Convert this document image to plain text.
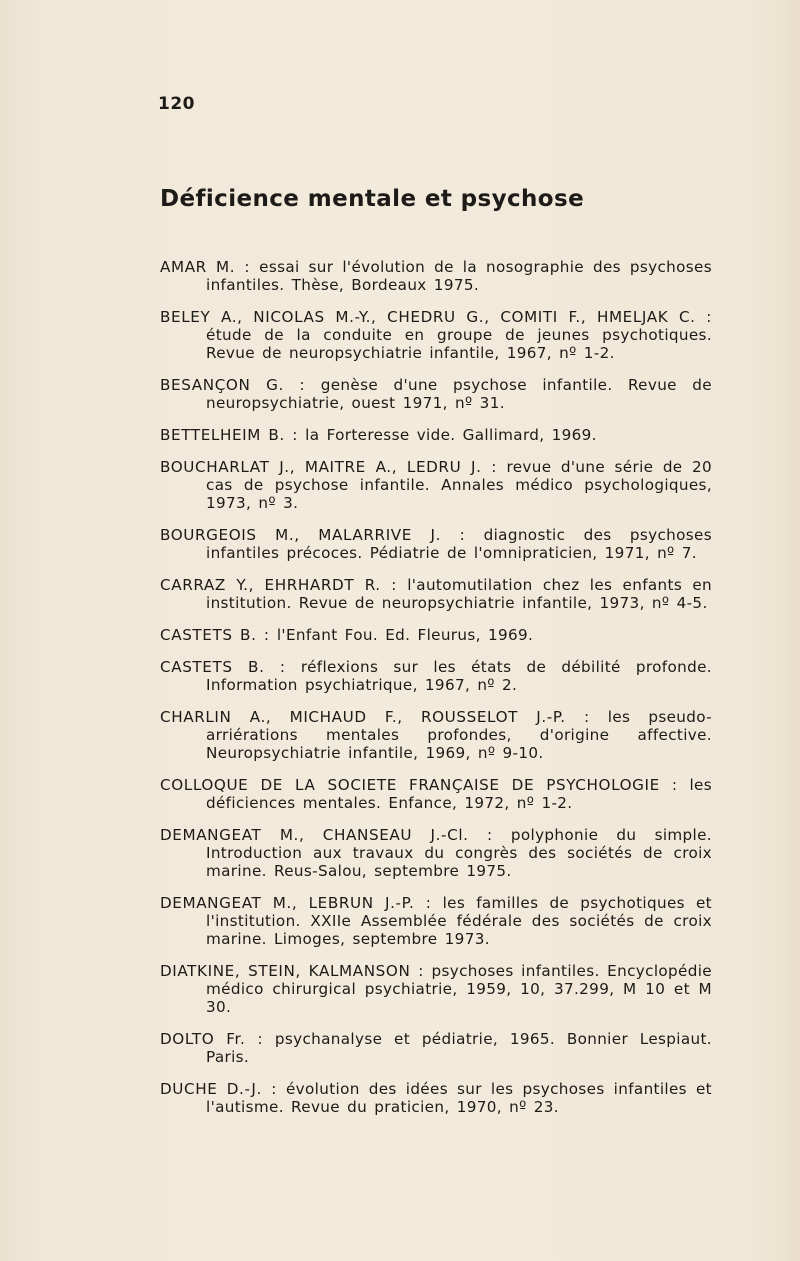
120
Déficience mentale et psychose
AMAR M. : essai sur l'évolution de la nosographie des psychoses infantiles. Thèse, Bordeaux 1975.
BELEY A., NICOLAS M.-Y., CHEDRU G., COMITI F., HMELJAK C. : étude de la conduite en groupe de jeunes psychotiques. Revue de neuropsychiatrie infantile, 1967, nº 1-2.
BESANÇON G. : genèse d'une psychose infantile. Revue de neuropsychiatrie, ouest 1971, nº 31.
BETTELHEIM B. : la Forteresse vide. Gallimard, 1969.
BOUCHARLAT J., MAITRE A., LEDRU J. : revue d'une série de 20 cas de psychose infantile. Annales médico psychologiques, 1973, nº 3.
BOURGEOIS M., MALARRIVE J. : diagnostic des psychoses infantiles précoces. Pédiatrie de l'omnipraticien, 1971, nº 7.
CARRAZ Y., EHRHARDT R. : l'automutilation chez les enfants en institution. Revue de neuropsychiatrie infantile, 1973, nº 4-5.
CASTETS B. : l'Enfant Fou. Ed. Fleurus, 1969.
CASTETS B. : réflexions sur les états de débilité profonde. Information psychiatrique, 1967, nº 2.
CHARLIN A., MICHAUD F., ROUSSELOT J.-P. : les pseudo-arriérations mentales profondes, d'origine affective. Neuropsychiatrie infantile, 1969, nº 9-10.
COLLOQUE DE LA SOCIETE FRANÇAISE DE PSYCHOLOGIE : les déficiences mentales. Enfance, 1972, nº 1-2.
DEMANGEAT M., CHANSEAU J.-Cl. : polyphonie du simple. Introduction aux travaux du congrès des sociétés de croix marine. Reus-Salou, septembre 1975.
DEMANGEAT M., LEBRUN J.-P. : les familles de psychotiques et l'institution. XXIIe Assemblée fédérale des sociétés de croix marine. Limoges, septembre 1973.
DIATKINE, STEIN, KALMANSON : psychoses infantiles. Encyclopédie médico chirurgical psychiatrie, 1959, 10, 37.299, M 10 et M 30.
DOLTO Fr. : psychanalyse et pédiatrie, 1965. Bonnier Lespiaut. Paris.
DUCHE D.-J. : évolution des idées sur les psychoses infantiles et l'autisme. Revue du praticien, 1970, nº 23.
